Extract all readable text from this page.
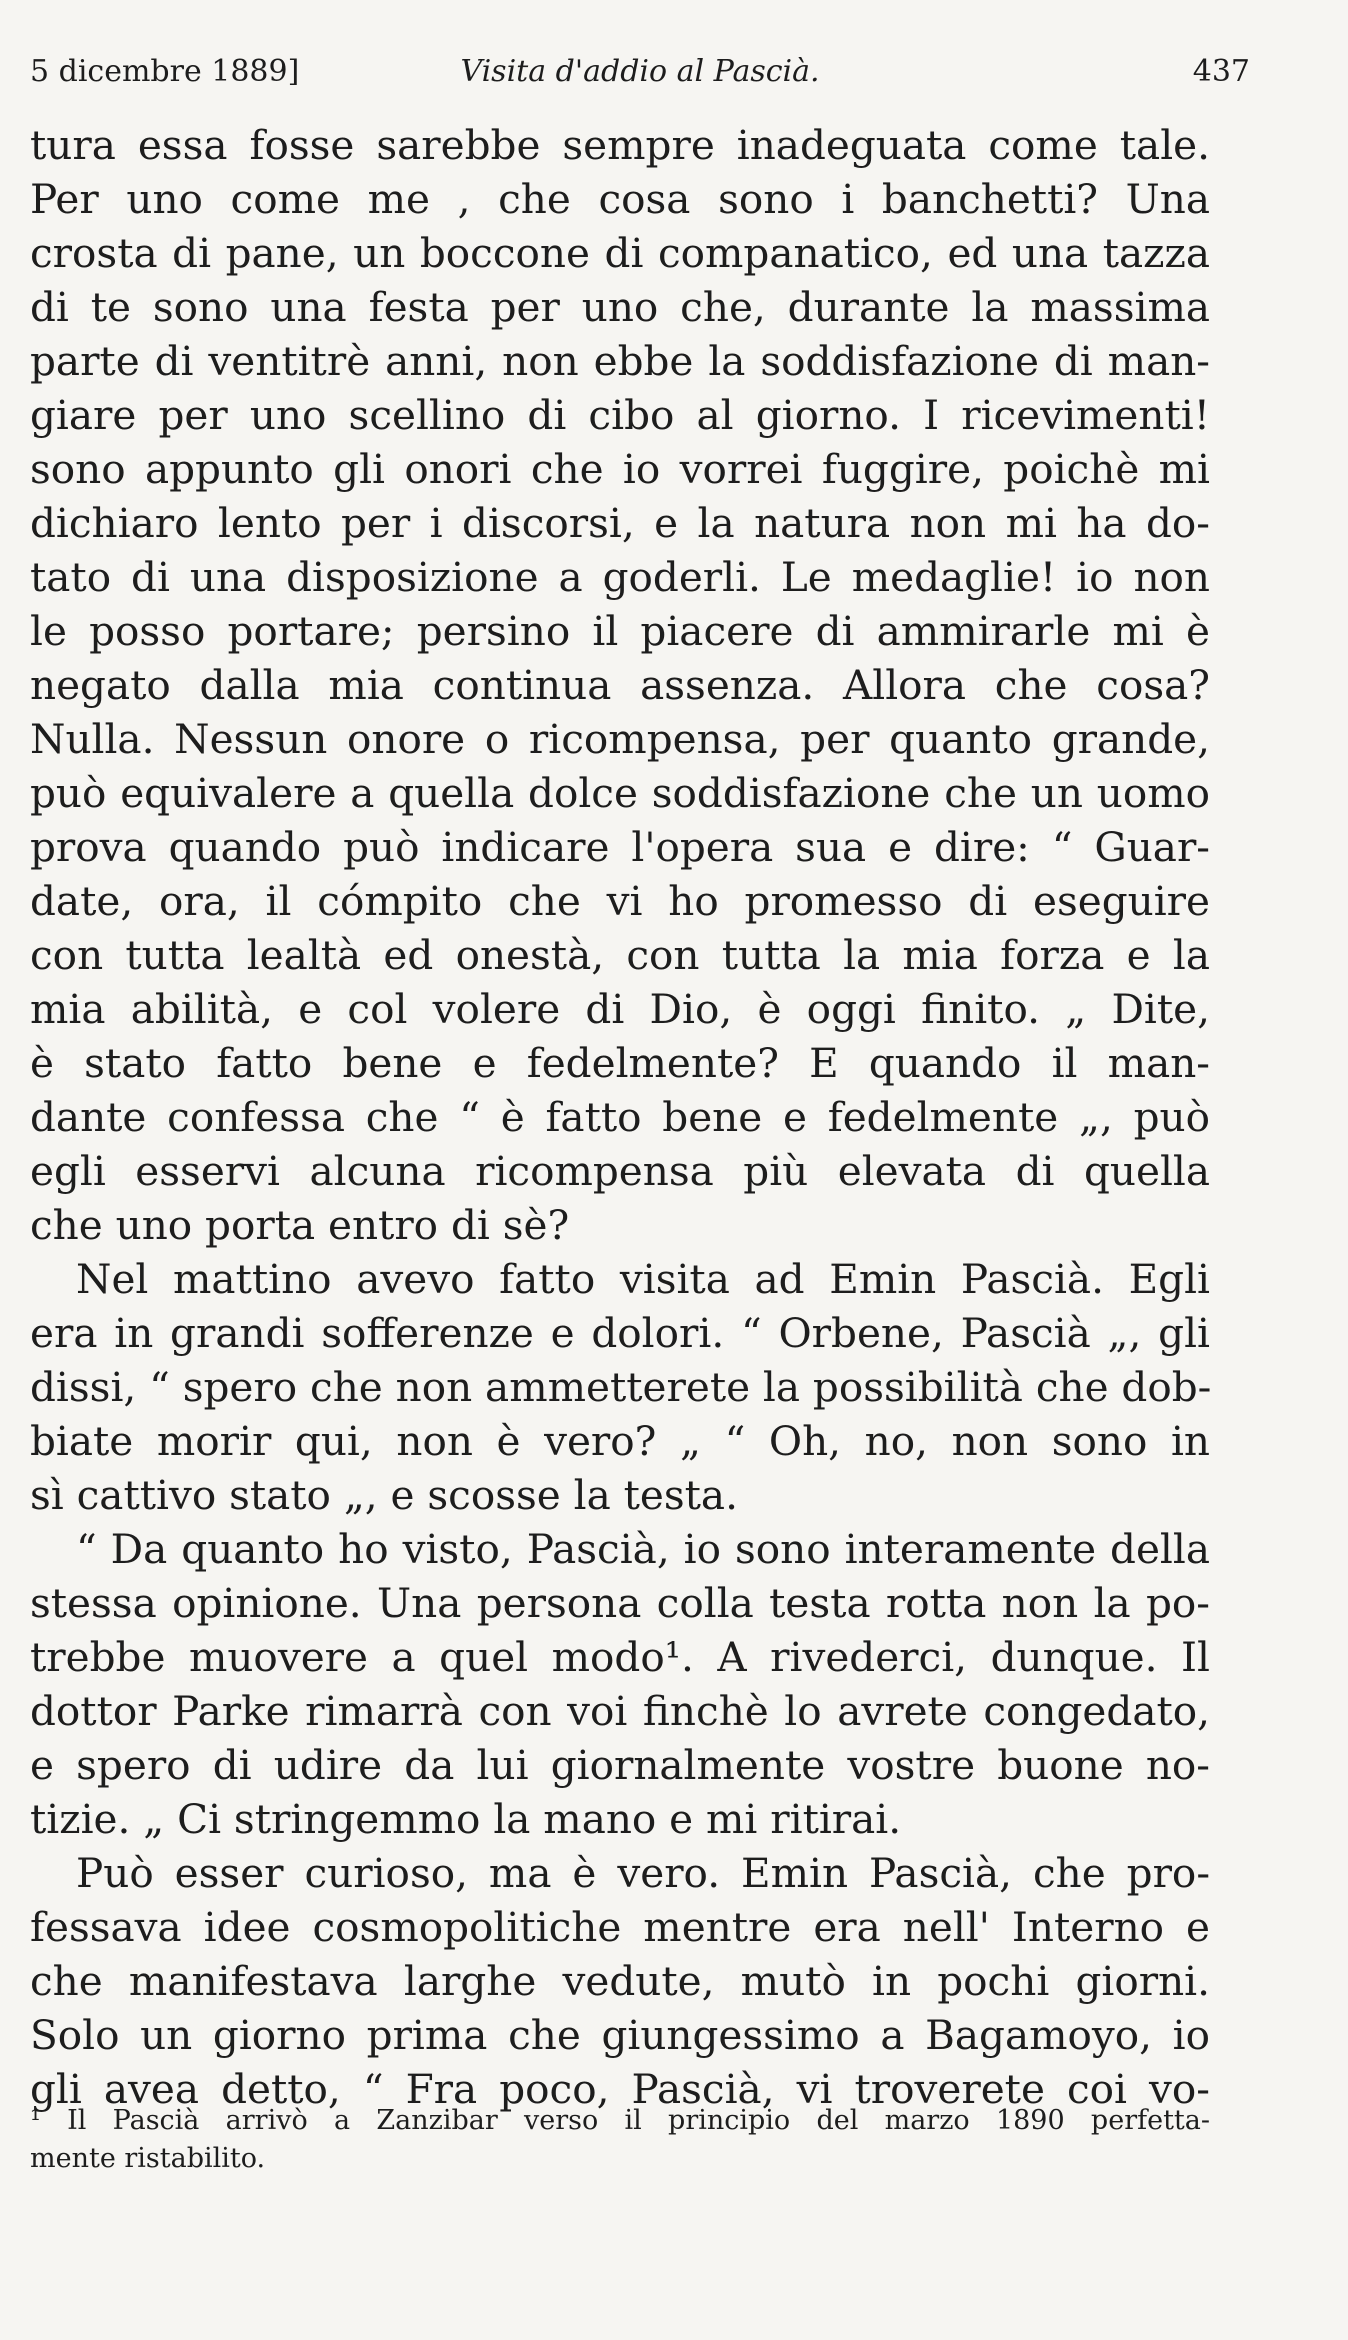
5 dicembre 1889]	Visita d'addio al Pascià.	437
tura essa fosse sarebbe sempre inadeguata come tale.
Per uno come me , che cosa sono i banchetti? Una
crosta di pane, un boccone di companatico, ed una tazza
di te sono una festa per uno che, durante la massima
parte di ventitrè anni, non ebbe la soddisfazione di man-
giare per uno scellino di cibo al giorno. I ricevimenti!
sono appunto gli onori che io vorrei fuggire, poichè mi
dichiaro lento per i discorsi, e la natura non mi ha do-
tato di una disposizione a goderli. Le medaglie! io non
le posso portare; persino il piacere di ammirarle mi è
negato dalla mia continua assenza. Allora che cosa?
Nulla. Nessun onore o ricompensa, per quanto grande,
può equivalere a quella dolce soddisfazione che un uomo
prova quando può indicare l'opera sua e dire: “ Guar-
date, ora, il cómpito che vi ho promesso di eseguire
con tutta lealtà ed onestà, con tutta la mia forza e la
mia abilità, e col volere di Dio, è oggi finito. „ Dite,
è stato fatto bene e fedelmente? E quando il man-
dante confessa che “ è fatto bene e fedelmente „, può
egli esservi alcuna ricompensa più elevata di quella
che uno porta entro di sè?
Nel mattino avevo fatto visita ad Emin Pascià. Egli
era in grandi sofferenze e dolori. “ Orbene, Pascià „, gli
dissi, “ spero che non ammetterete la possibilità che dob-
biate morir qui, non è vero? „ “ Oh, no, non sono in
sì cattivo stato „, e scosse la testa.
“ Da quanto ho visto, Pascià, io sono interamente della
stessa opinione. Una persona colla testa rotta non la po-
trebbe muovere a quel modo¹. A rivederci, dunque. Il
dottor Parke rimarrà con voi finchè lo avrete congedato,
e spero di udire da lui giornalmente vostre buone no-
tizie. „ Ci stringemmo la mano e mi ritirai.
Può esser curioso, ma è vero. Emin Pascià, che pro-
fessava idee cosmopolitiche mentre era nell' Interno e
che manifestava larghe vedute, mutò in pochi giorni.
Solo un giorno prima che giungessimo a Bagamoyo, io
gli avea detto, “ Fra poco, Pascià, vi troverete coi vo-
¹ Il Pascià arrivò a Zanzibar verso il principio del marzo 1890 perfetta-
mente ristabilito.
